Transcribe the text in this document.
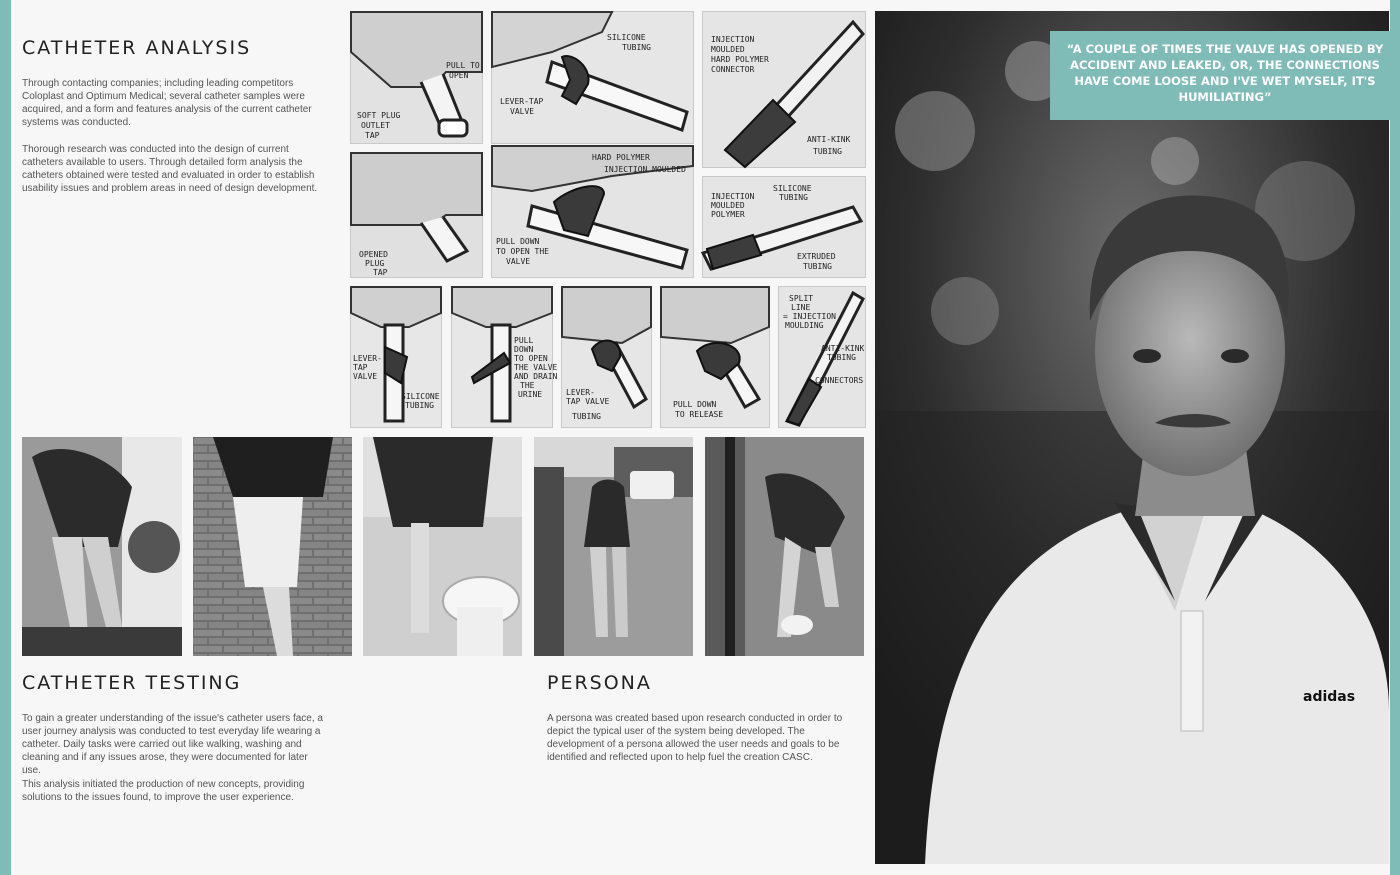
CATHETER ANALYSIS

Through contacting companies; including leading competitors Coloplast and Optimum Medical; several catheter samples were acquired, and a form and features analysis of the current catheter systems was conducted.

Thorough research was conducted into the design of current catheters available to users. Through detailed form analysis the catheters obtained were tested and evaluated in order to establish usability issues and problem areas in need of design development.

PULL TO
OPEN
SOFT PLUG
OUTLET
TAP
SILICONE
TUBING
LEVER-TAP
VALVE
INJECTION
MOULDED
HARD POLYMER
CONNECTOR
ANTI-KINK
TUBING
OPENED
PLUG
TAP
HARD POLYMER
INJECTION MOULDED
PULL DOWN
TO OPEN THE
VALVE
INJECTION
MOULDED
POLYMER
SILICONE
TUBING
EXTRUDED
TUBING
LEVER-
TAP
VALVE
SILICONE
TUBING
PULL
DOWN
TO OPEN
THE VALVE
AND DRAIN
THE
URINE	LEVER-
TAP VALVE
TUBING
PULL DOWN
TO RELEASE
SPLIT
LINE
= INJECTION
MOULDING
ANTI-KINK
TUBING
CONNECTORS
CATHETER TESTING

To gain a greater understanding of the issue's catheter users face, a user journey analysis was conducted to test everyday life wearing a catheter. Daily tasks were carried out like walking, washing and cleaning and if any issues arose, they were documented for later use.

This analysis initiated the production of new concepts, providing solutions to the issues found, to improve the user experience.

PERSONA

A persona was created based upon research conducted in order to depict the typical user of the system being developed. The development of a persona allowed the user needs and goals to be identified and reflected upon to help fuel the creation CASC.

adidas
“A COUPLE OF TIMES THE VALVE HAS OPENED BY ACCIDENT AND LEAKED, OR, THE CONNECTIONS HAVE COME LOOSE AND I'VE WET MYSELF, IT'S HUMILIATING”
